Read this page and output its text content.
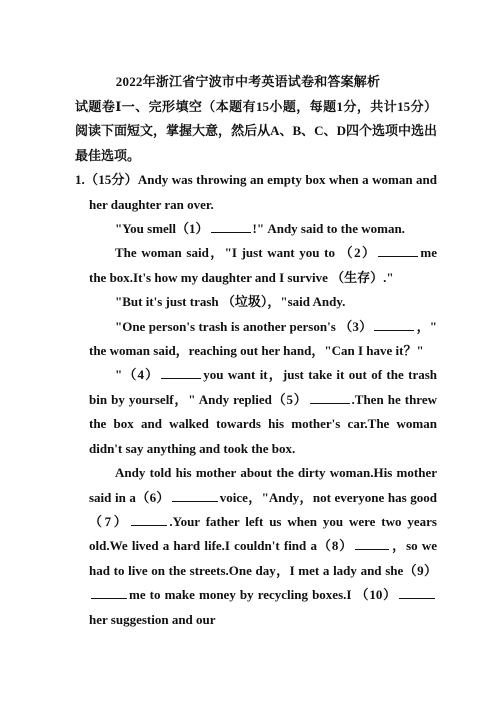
2022年浙江省宁波市中考英语试卷和答案解析

试题卷Ⅰ一、完形填空（本题有15小题，每题1分，共计15分）阅读下面短文，掌握大意，然后从A、B、C、D四个选项中选出最佳选项。

1.（15分）Andy was throwing an empty box when a woman and her daughter ran over.

"You smell（1）	!" Andy said to the woman.

The woman said，"I just want you to （2）	me the box.It's how my daughter and I survive （生存）."

"But it's just trash （垃圾），"said Andy.

"One person's trash is another person's （3）	，" the woman said，reaching out her hand，"Can I have it？"

"（4）	you want it，just take it out of the trash bin by yourself，" Andy replied（5）	.Then he threw the box and walked towards his mother's car.The woman didn't say anything and took the box.

Andy told his mother about the dirty woman.His mother said in a（6）	voice，"Andy，not everyone has good（7）	.Your father left us when you were two years old.We lived a hard life.I couldn't find a（8）	，so we had to live on the streets.One day，I met a lady and she（9）me to make money by recycling boxes.I （10）her suggestion and our
